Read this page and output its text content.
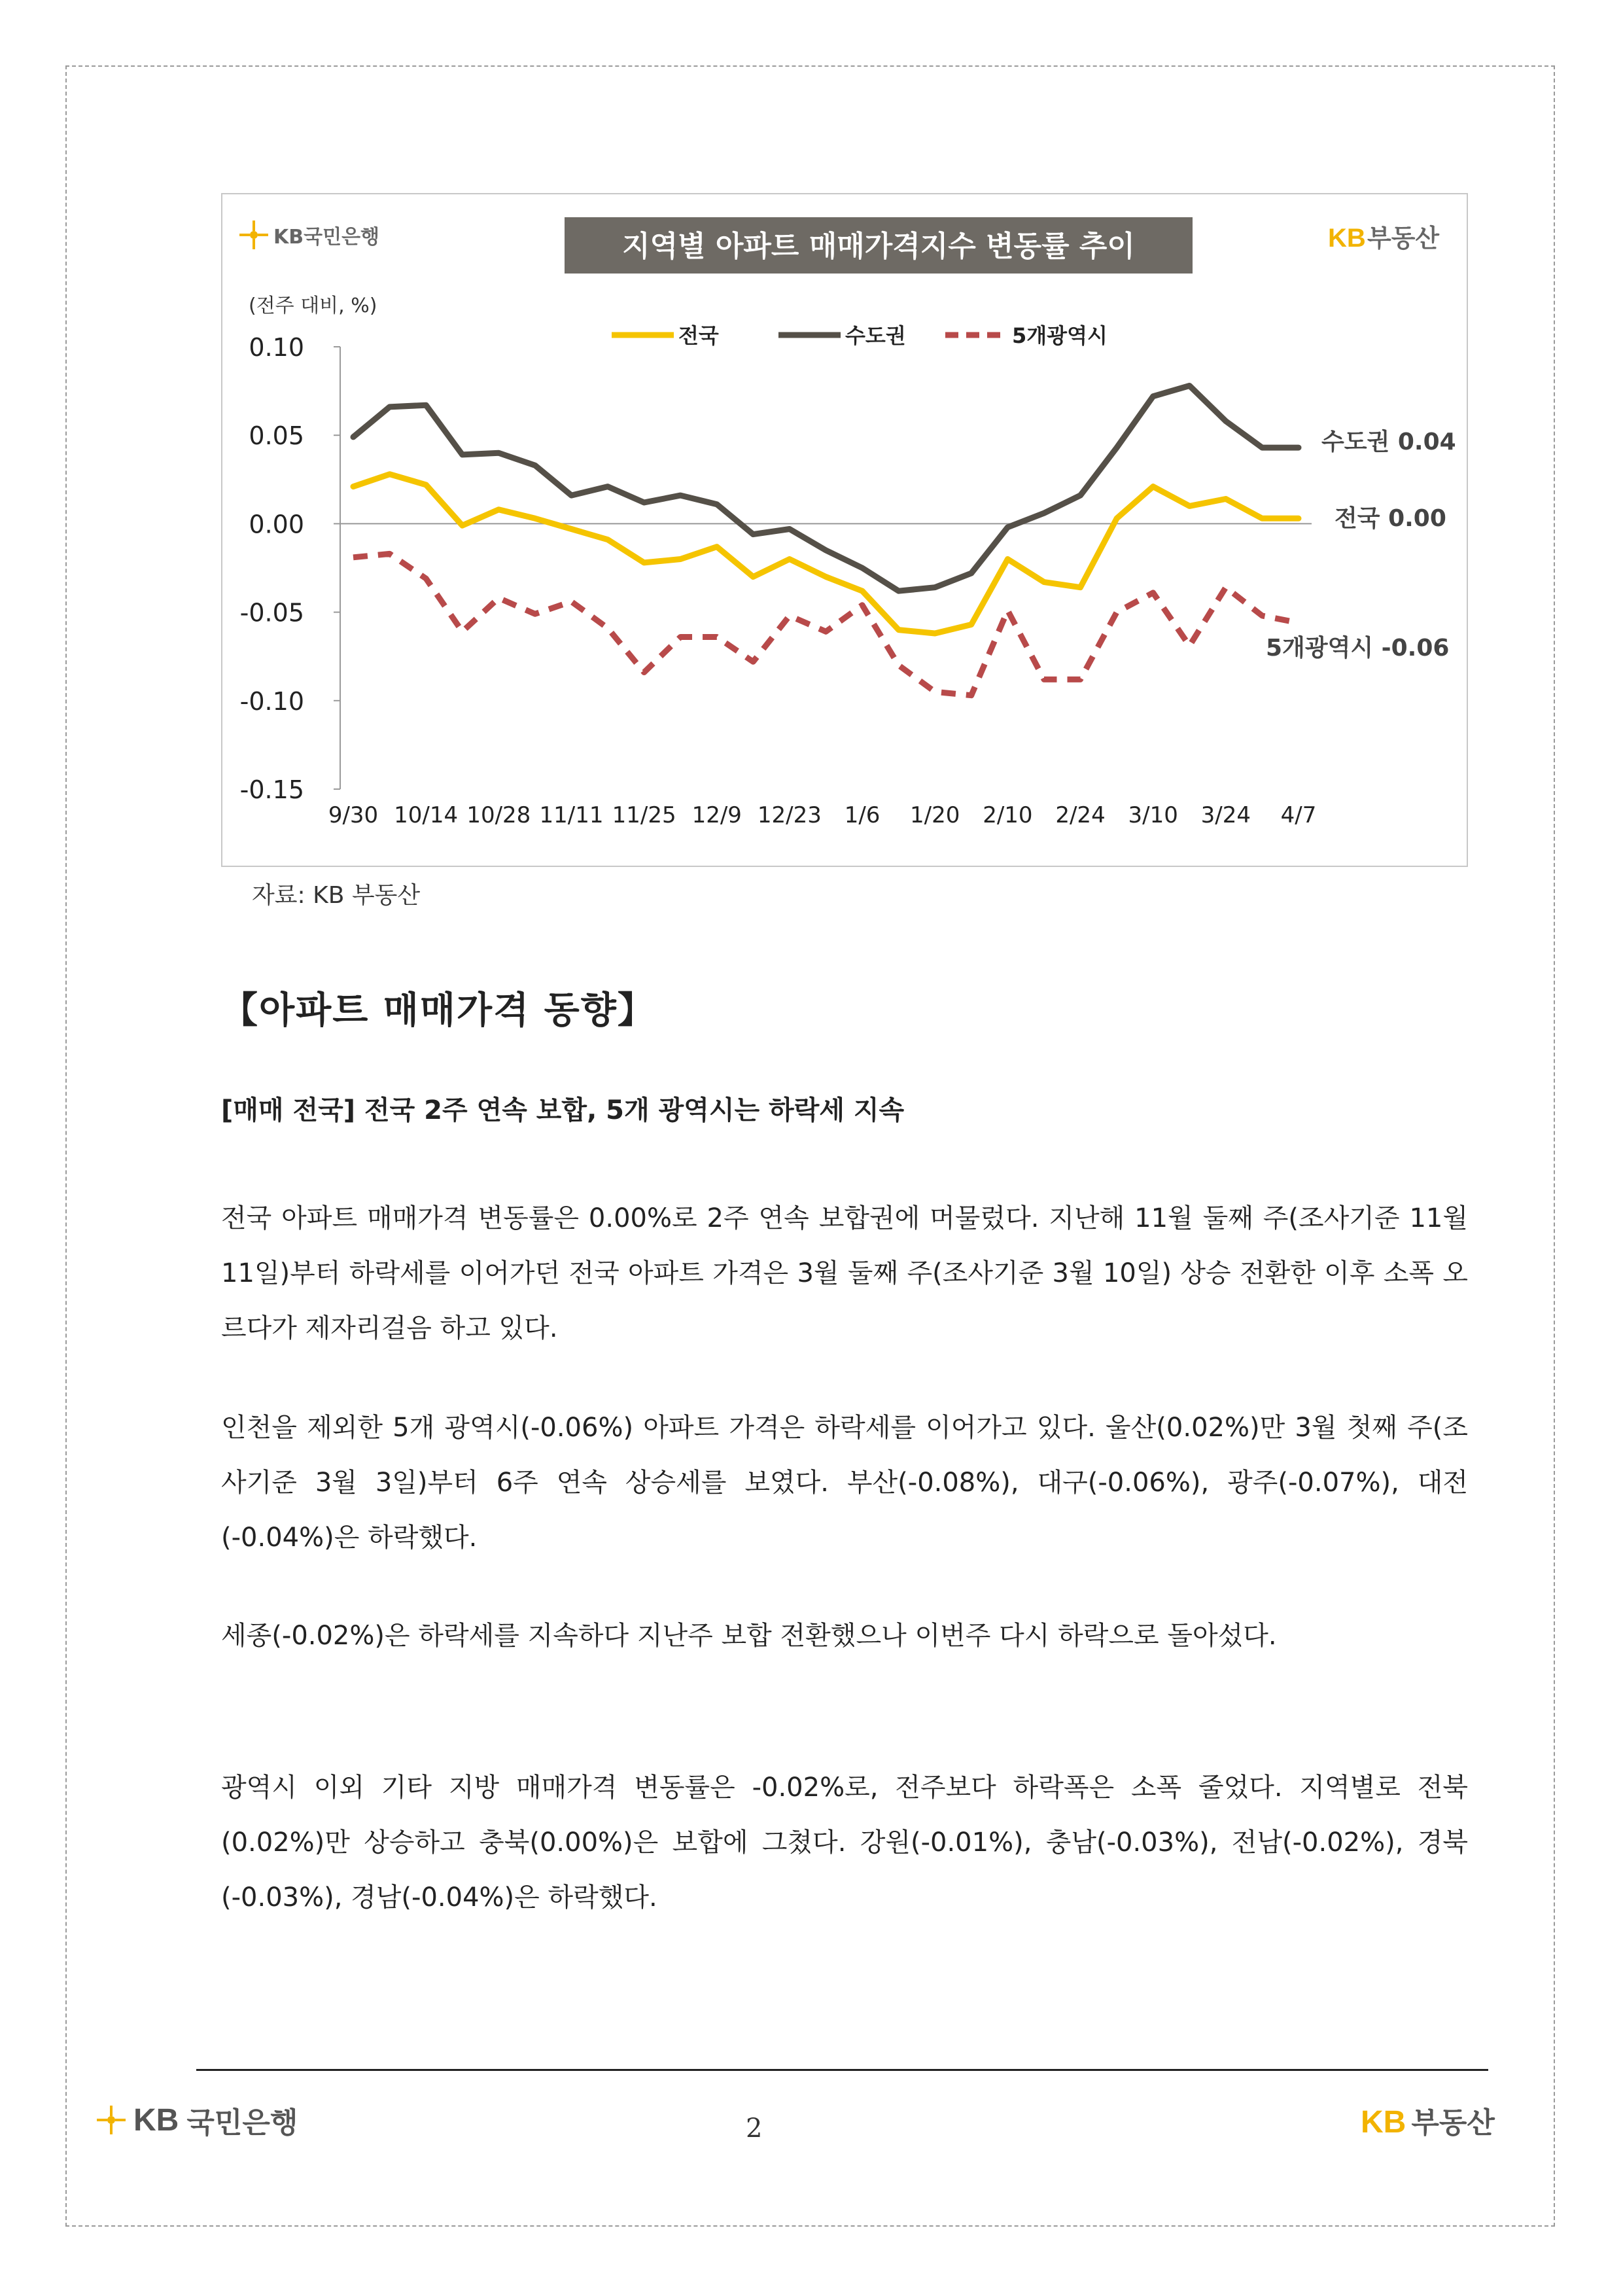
KB국민은행	지역별 아파트 매매가격지수 변동률 추이	KB 부동산
(전주 대비, %)
0.10
0.05
0.00
-0.05
-0.10
-0.15
9/30 10/14 10/28 11/11 11/25 12/9 12/23 1/6 1/20 2/10 2/24 3/10 3/24 4/7
전국	수도권	5개광역시
전국 0.00
수도권 0.04
5개광역시 -0.06
자료: KB 부동산
【아파트 매매가격 동향】
[매매 전국] 전국 2주 연속 보합, 5개 광역시는 하락세 지속
전국 아파트 매매가격 변동률은 0.00%로 2주 연속 보합권에 머물렀다. 지난해 11월 둘째 주(조사기준 11월 11일)부터 하락세를 이어가던 전국 아파트 가격은 3월 둘째 주(조사기준 3월 10일) 상승 전환한 이후 소폭 오르다가 제자리걸음 하고 있다.
인천을 제외한 5개 광역시(-0.06%) 아파트 가격은 하락세를 이어가고 있다. 울산(0.02%)만 3월 첫째 주(조사기준 3월 3일)부터 6주 연속 상승세를 보였다. 부산(-0.08%), 대구(-0.06%), 광주(-0.07%), 대전(-0.04%)은 하락했다.
세종(-0.02%)은 하락세를 지속하다 지난주 보합 전환했으나 이번주 다시 하락으로 돌아섰다.
광역시 이외 기타 지방 매매가격 변동률은 -0.02%로, 전주보다 하락폭은 소폭 줄었다. 지역별로 전북(0.02%)만 상승하고 충북(0.00%)은 보합에 그쳤다. 강원(-0.01%), 충남(-0.03%), 전남(-0.02%), 경북(-0.03%), 경남(-0.04%)은 하락했다.
KB 국민은행	2	KB 부동산
